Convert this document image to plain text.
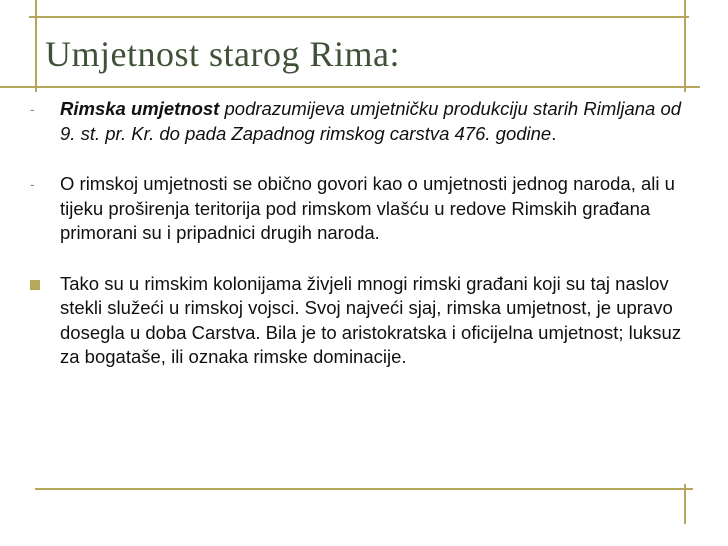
Umjetnost starog Rima:
-	Rimska umjetnost podrazumijeva umjetničku produkciju starih Rimljana od 9. st. pr. Kr. do pada Zapadnog rimskog carstva 476. godine.
-	O rimskoj umjetnosti se obično govori kao o umjetnosti jednog naroda, ali u tijeku proširenja teritorija pod rimskom vlašću u redove Rimskih građana primorani su i pripadnici drugih naroda.
Tako su u rimskim kolonijama živjeli mnogi rimski građani koji su taj naslov stekli služeći u rimskoj vojsci. Svoj najveći sjaj, rimska umjetnost, je upravo dosegla u doba Carstva. Bila je to aristokratska i oficijelna umjetnost; luksuz za bogataše, ili oznaka rimske dominacije.
